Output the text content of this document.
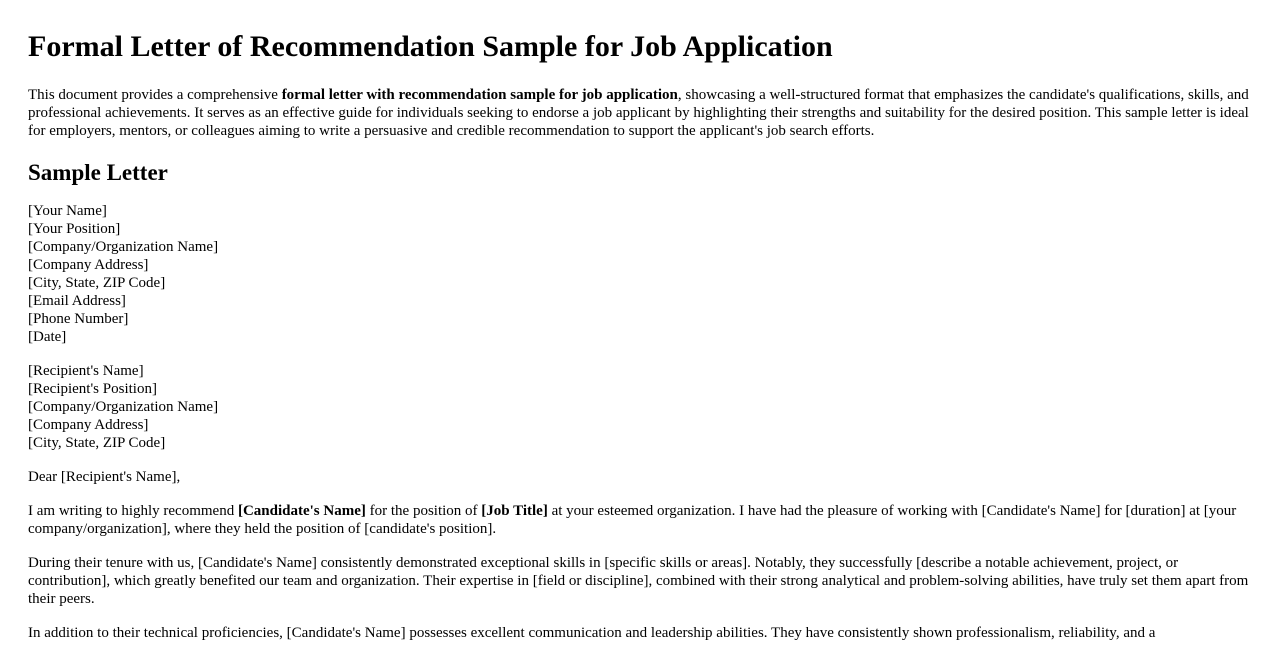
Formal Letter of Recommendation Sample for Job Application

This document provides a comprehensive formal letter with recommendation sample for job application, showcasing a well-structured format that emphasizes the candidate's qualifications, skills, and professional achievements. It serves as an effective guide for individuals seeking to endorse a job applicant by highlighting their strengths and suitability for the desired position. This sample letter is ideal for employers, mentors, or colleagues aiming to write a persuasive and credible recommendation to support the applicant's job search efforts.

Sample Letter
[Your Name]
[Your Position]
[Company/Organization Name]
[Company Address]
[City, State, ZIP Code]
[Email Address]
[Phone Number]
[Date]
[Recipient's Name]
[Recipient's Position]
[Company/Organization Name]
[Company Address]
[City, State, ZIP Code]

Dear [Recipient's Name],

I am writing to highly recommend [Candidate's Name] for the position of [Job Title] at your esteemed organization. I have had the pleasure of working with [Candidate's Name] for [duration] at [your company/organization], where they held the position of [candidate's position].

During their tenure with us, [Candidate's Name] consistently demonstrated exceptional skills in [specific skills or areas]. Notably, they successfully [describe a notable achievement, project, or contribution], which greatly benefited our team and organization. Their expertise in [field or discipline], combined with their strong analytical and problem-solving abilities, have truly set them apart from their peers.

In addition to their technical proficiencies, [Candidate's Name] possesses excellent communication and leadership abilities. They have consistently shown professionalism, reliability, and a
